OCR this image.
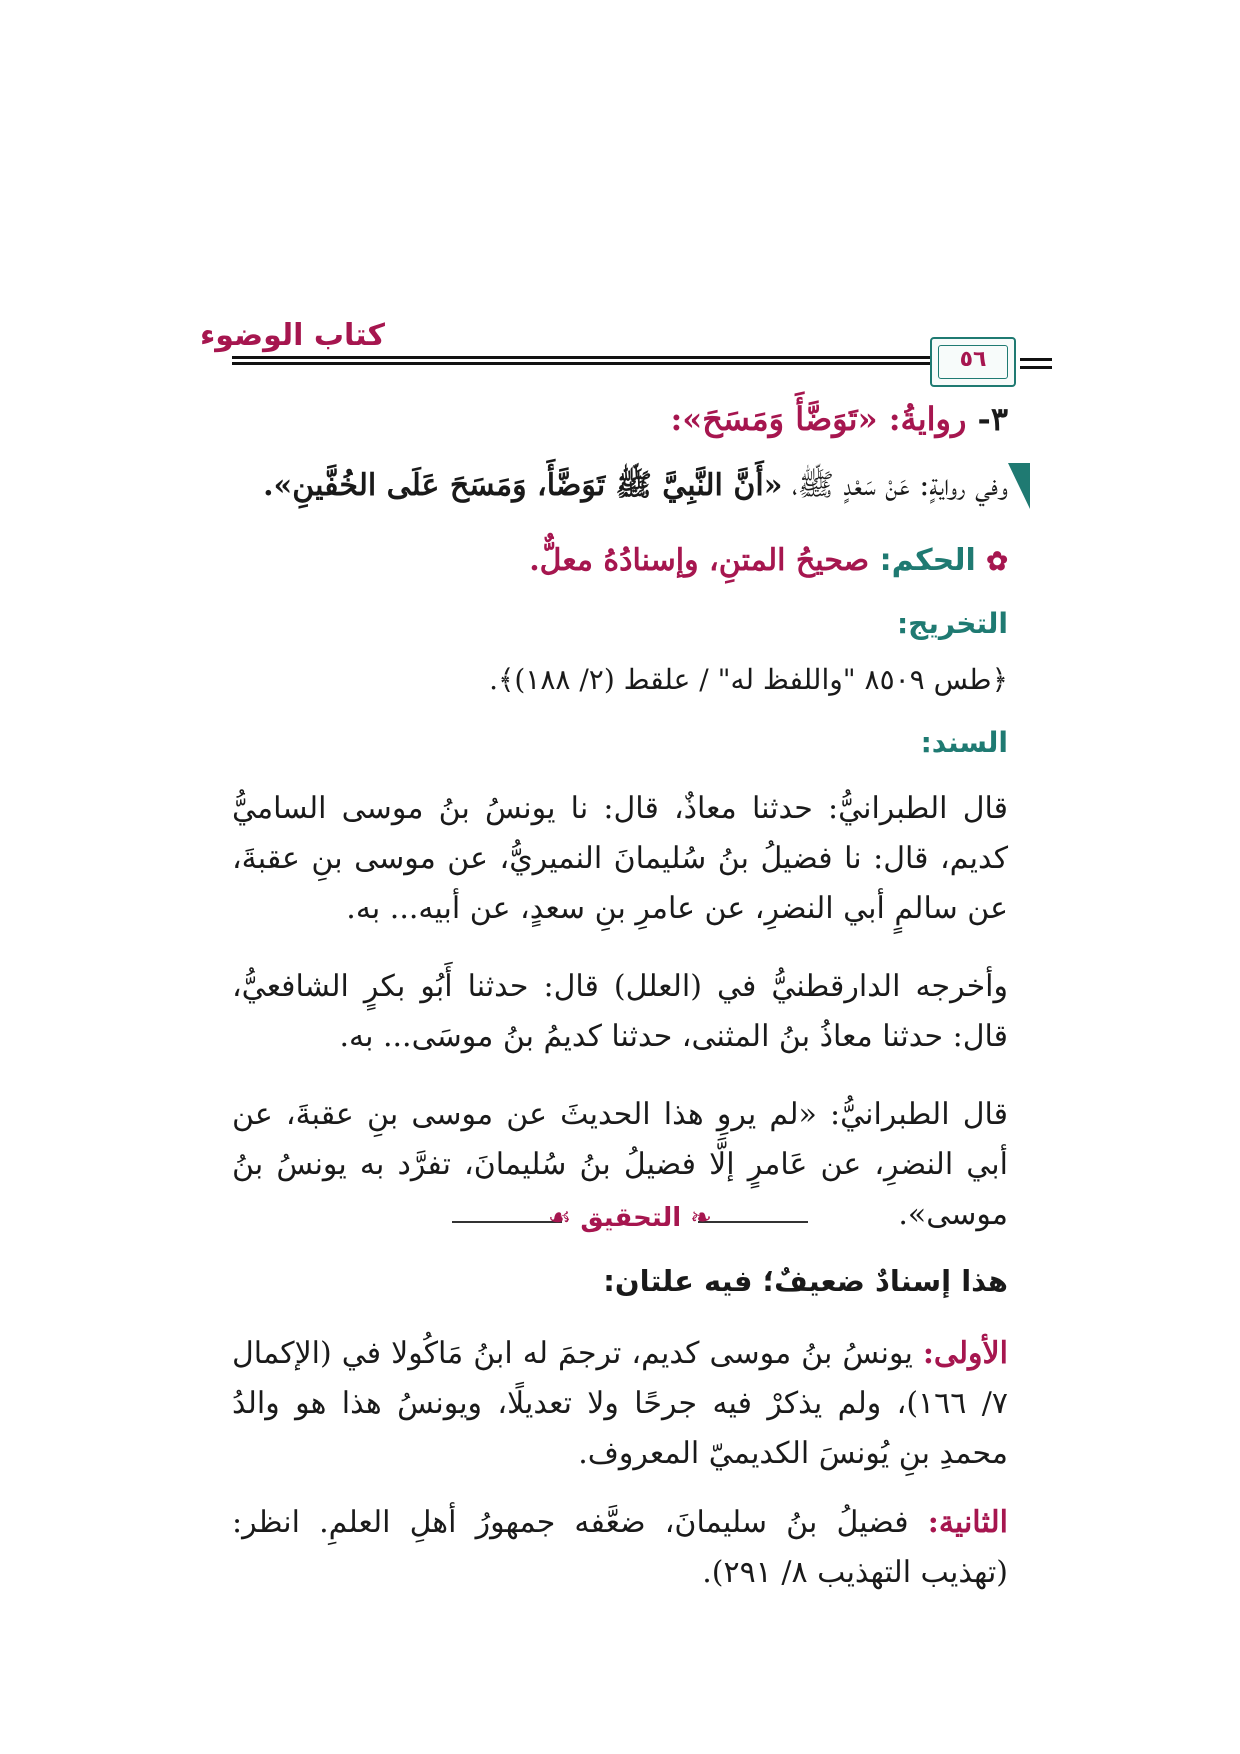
كتاب الوضوء
٥٦
٣- روايةُ: «تَوَضَّأَ وَمَسَحَ»:
وفي روايةٍ: عَنْ سَعْدٍ ﷺ، «أَنَّ النَّبِيَّ ﷺ تَوَضَّأَ، وَمَسَحَ عَلَى الخُفَّينِ».
✿ الحكم: صحيحُ المتنِ، وإسنادُهُ معلٌّ.
التخريج:
﴿طس ٨٥٠٩ "واللفظ له" / علقط (٢/ ١٨٨)﴾.
السند:
قال الطبرانيُّ: حدثنا معاذٌ، قال: نا يونسُ بنُ موسى الساميُّ كديم، قال: نا فضيلُ بنُ سُليمانَ النميريُّ، عن موسى بنِ عقبةَ، عن سالمٍ أبي النضرِ، عن عامرِ بنِ سعدٍ، عن أبيه... به.
وأخرجه الدارقطنيُّ في (العلل) قال: حدثنا أَبُو بكرٍ الشافعيُّ، قال: حدثنا معاذُ بنُ المثنى، حدثنا كديمُ بنُ موسَى... به.
قال الطبرانيُّ: «لم يروِ هذا الحديثَ عن موسى بنِ عقبةَ، عن أبي النضرِ، عن عَامرٍ إلَّا فضيلُ بنُ سُليمانَ، تفرَّد به يونسُ بنُ موسى».
❧ التحقيق ☙
هذا إسنادٌ ضعيفٌ؛ فيه علتان:
الأولى: يونسُ بنُ موسى كديم، ترجمَ له ابنُ مَاكُولا في (الإكمال ٧/ ١٦٦)، ولم يذكرْ فيه جرحًا ولا تعديلًا، ويونسُ هذا هو والدُ محمدِ بنِ يُونسَ الكديميّ المعروف.
الثانية: فضيلُ بنُ سليمانَ، ضعَّفه جمهورُ أهلِ العلمِ. انظر: (تهذيب التهذيب ٨/ ٢٩١).
